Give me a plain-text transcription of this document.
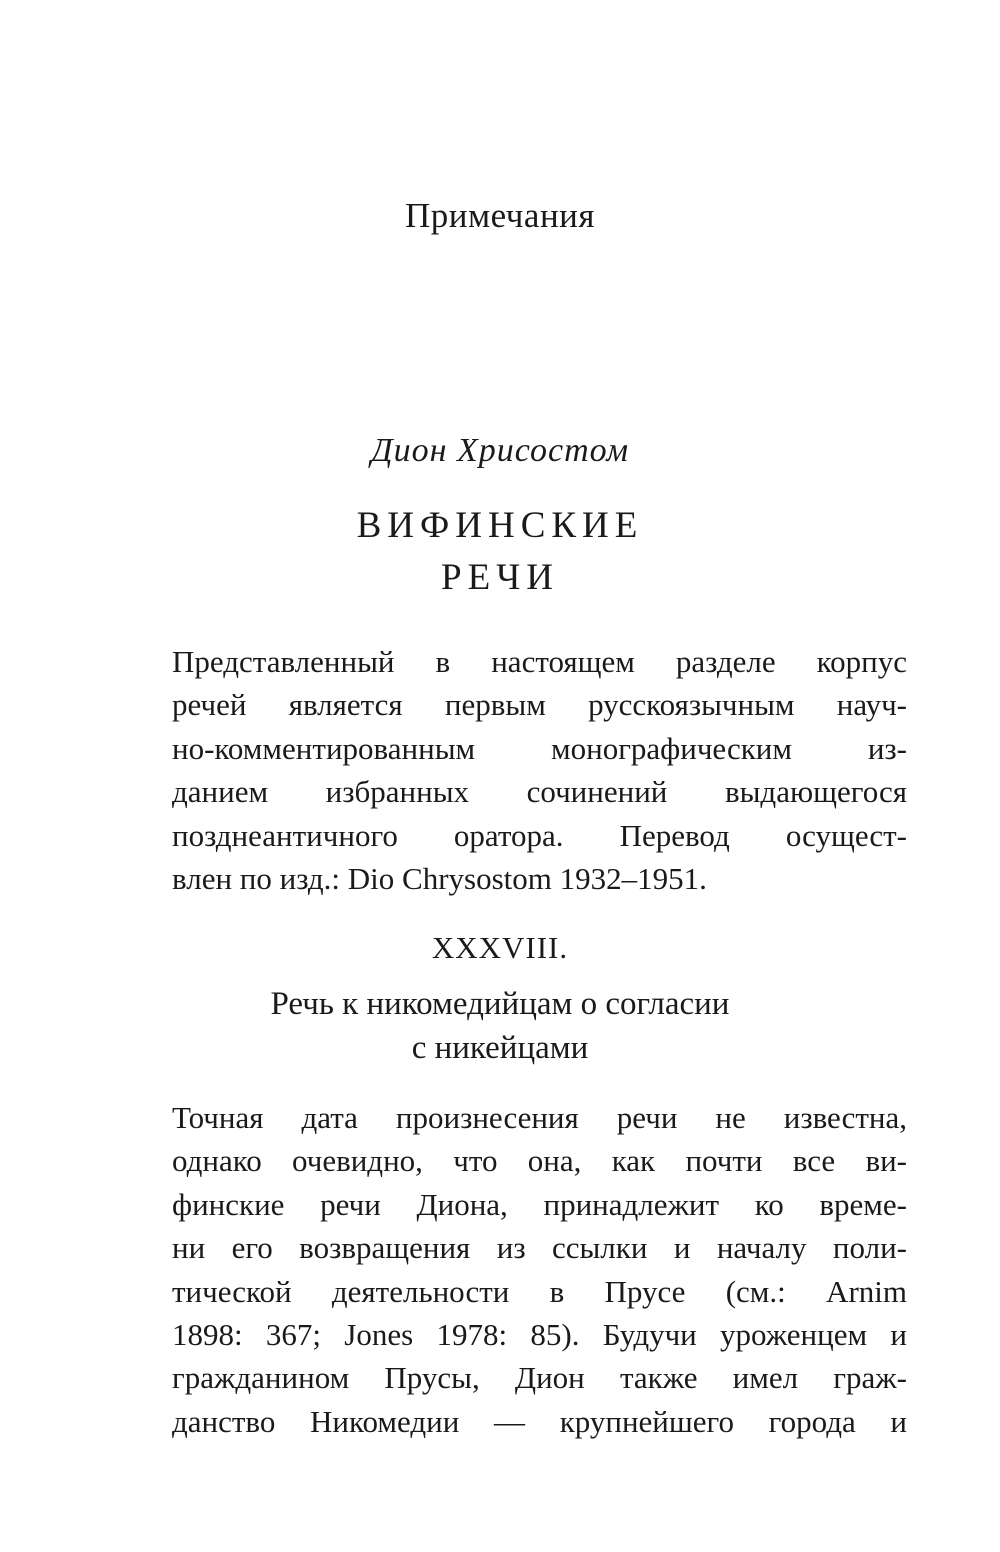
Примечания
Дион Хрисостом
ВИФИНСКИЕ
РЕЧИ

Представленный в настоящем разделе корпус
речей является первым русскоязычным науч-
но-комментированным монографическим из-
данием избранных сочинений выдающегося
позднеантичного оратора. Перевод осущест-
влен по изд.: Dio Chrysostom 1932–1951.

XXXVIII.
Речь к никомедийцам о согласии
с никейцами

Точная дата произнесения речи не известна,
однако очевидно, что она, как почти все ви-
финские речи Диона, принадлежит ко време-
ни его возвращения из ссылки и началу поли-
тической деятельности в Прусе (см.: Arnim
1898: 367; Jones 1978: 85). Будучи уроженцем и
гражданином Прусы, Дион также имел граж-
данство Никомедии — крупнейшего города и
